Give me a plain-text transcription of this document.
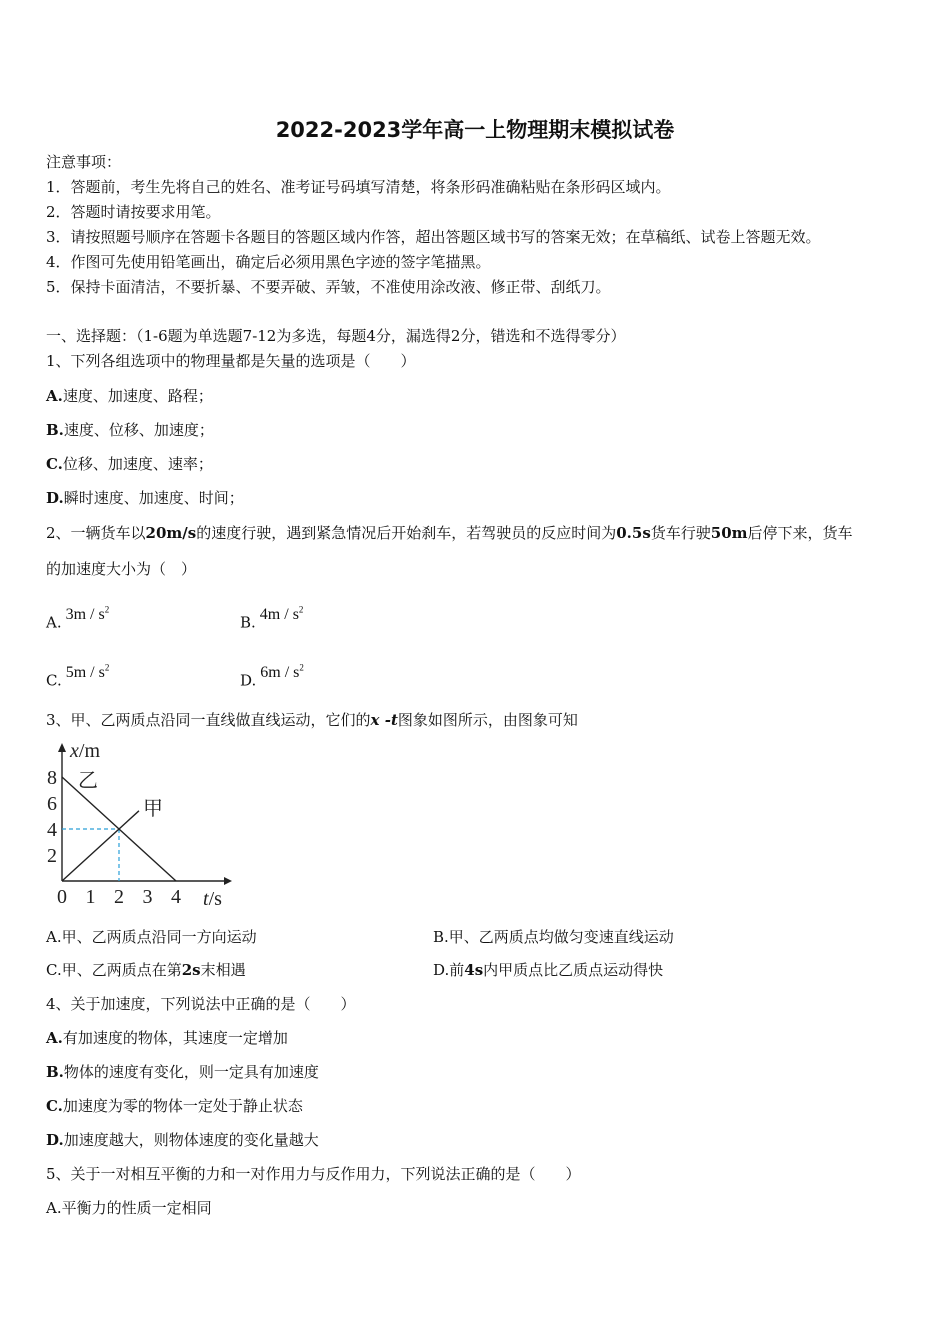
2022-2023学年高一上物理期末模拟试卷
注意事项：
1．答题前，考生先将自己的姓名、准考证号码填写清楚，将条形码准确粘贴在条形码区域内。
2．答题时请按要求用笔。
3．请按照题号顺序在答题卡各题目的答题区域内作答，超出答题区域书写的答案无效；在草稿纸、试卷上答题无效。
4．作图可先使用铅笔画出，确定后必须用黑色字迹的签字笔描黑。
5．保持卡面清洁，不要折暴、不要弄破、弄皱，不准使用涂改液、修正带、刮纸刀。
一、选择题：（1-6题为单选题7-12为多选，每题4分，漏选得2分，错选和不选得零分）
1、下列各组选项中的物理量都是矢量的选项是（　　）
A.速度、加速度、路程；
B.速度、位移、加速度；
C.位移、加速度、速率；
D.瞬时速度、加速度、时间；
2、一辆货车以20m/s的速度行驶，遇到紧急情况后开始刹车，若驾驶员的反应时间为0.5s货车行驶50m后停下来，货车
的加速度大小为（　）
A. $3m / s^2$
B. $4m / s^2$
C. $5m / s^2$
D. $6m / s^2$
3、甲、乙两质点沿同一直线做直线运动，它们的x -t图象如图所示，由图象可知
甲
乙
0 1 2 3 4
2
4
6
8
x/m
t/s
A.甲、乙两质点沿同一方向运动	B.甲、乙两质点均做匀变速直线运动
C.甲、乙两质点在第2s末相遇	D.前4s内甲质点比乙质点运动得快
4、关于加速度，下列说法中正确的是（　　）
A.有加速度的物体，其速度一定增加
B.物体的速度有变化，则一定具有加速度
C.加速度为零的物体一定处于静止状态
D.加速度越大，则物体速度的变化量越大
5、关于一对相互平衡的力和一对作用力与反作用力，下列说法正确的是（　　）
A.平衡力的性质一定相同
